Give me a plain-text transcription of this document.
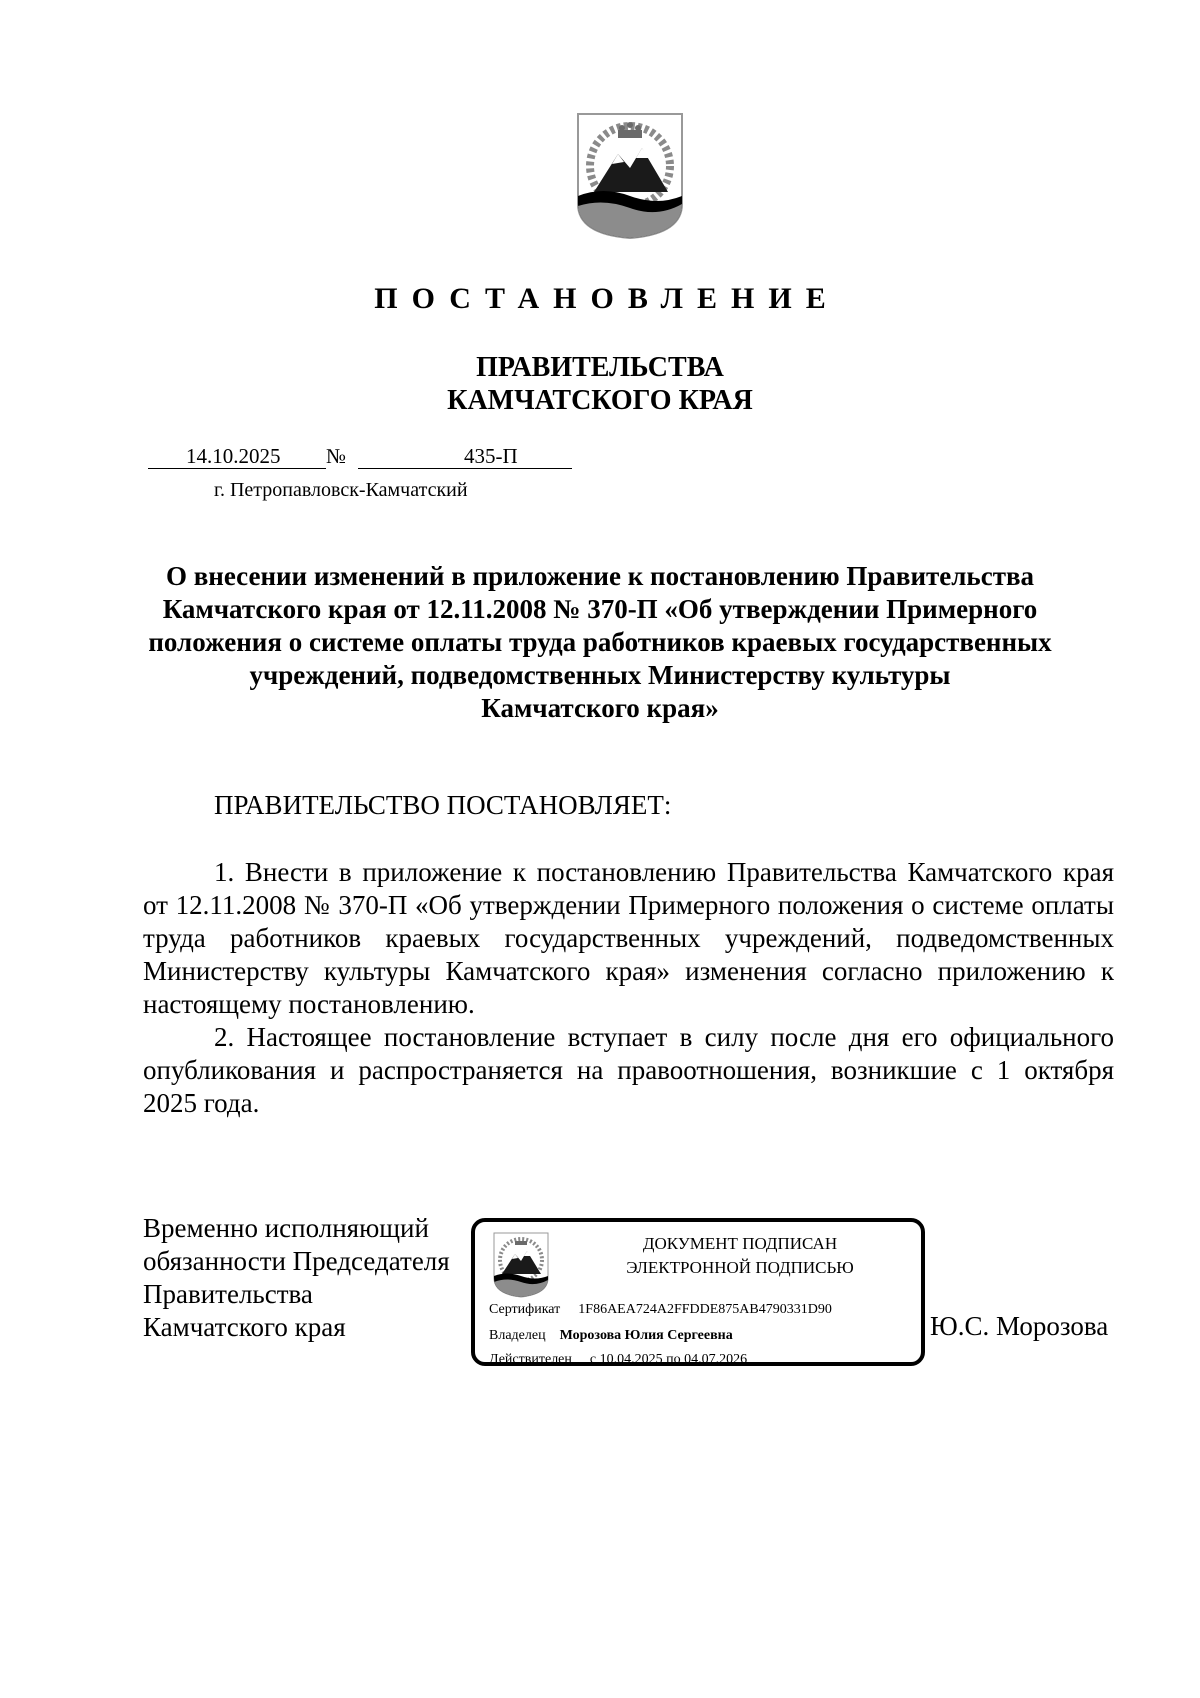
ПОСТАНОВЛЕНИЕ
ПРАВИТЕЛЬСТВА
КАМЧАТСКОГО КРАЯ
14.10.2025 №	435-П
г. Петропавловск-Камчатский
О внесении изменений в приложение к постановлению Правительства
Камчатского края от 12.11.2008 № 370-П «Об утверждении Примерного
положения о системе оплаты труда работников краевых государственных
учреждений, подведомственных Министерству культуры
Камчатского края»
ПРАВИТЕЛЬСТВО ПОСТАНОВЛЯЕТ:

1. Внести в приложение к постановлению Правительства Камчатского края от 12.11.2008 № 370-П «Об утверждении Примерного положения о системе оплаты труда работников краевых государственных учреждений, подведомственных Министерству культуры Камчатского края» изменения согласно приложению к настоящему постановлению.

2. Настоящее постановление вступает в силу после дня его официального опубликования и распространяется на правоотношения, возникшие с 1 октября 2025 года.

Временно исполняющий
обязанности Председателя
Правительства
Камчатского края
ДОКУМЕНТ ПОДПИСАН
ЭЛЕКТРОННОЙ ПОДПИСЬЮ
Сертификат 1F86AEA724A2FFDDE875AB4790331D90
Владелец Морозова Юлия Сергеевна
Действителен с 10.04.2025 по 04.07.2026
Ю.С. Морозова
